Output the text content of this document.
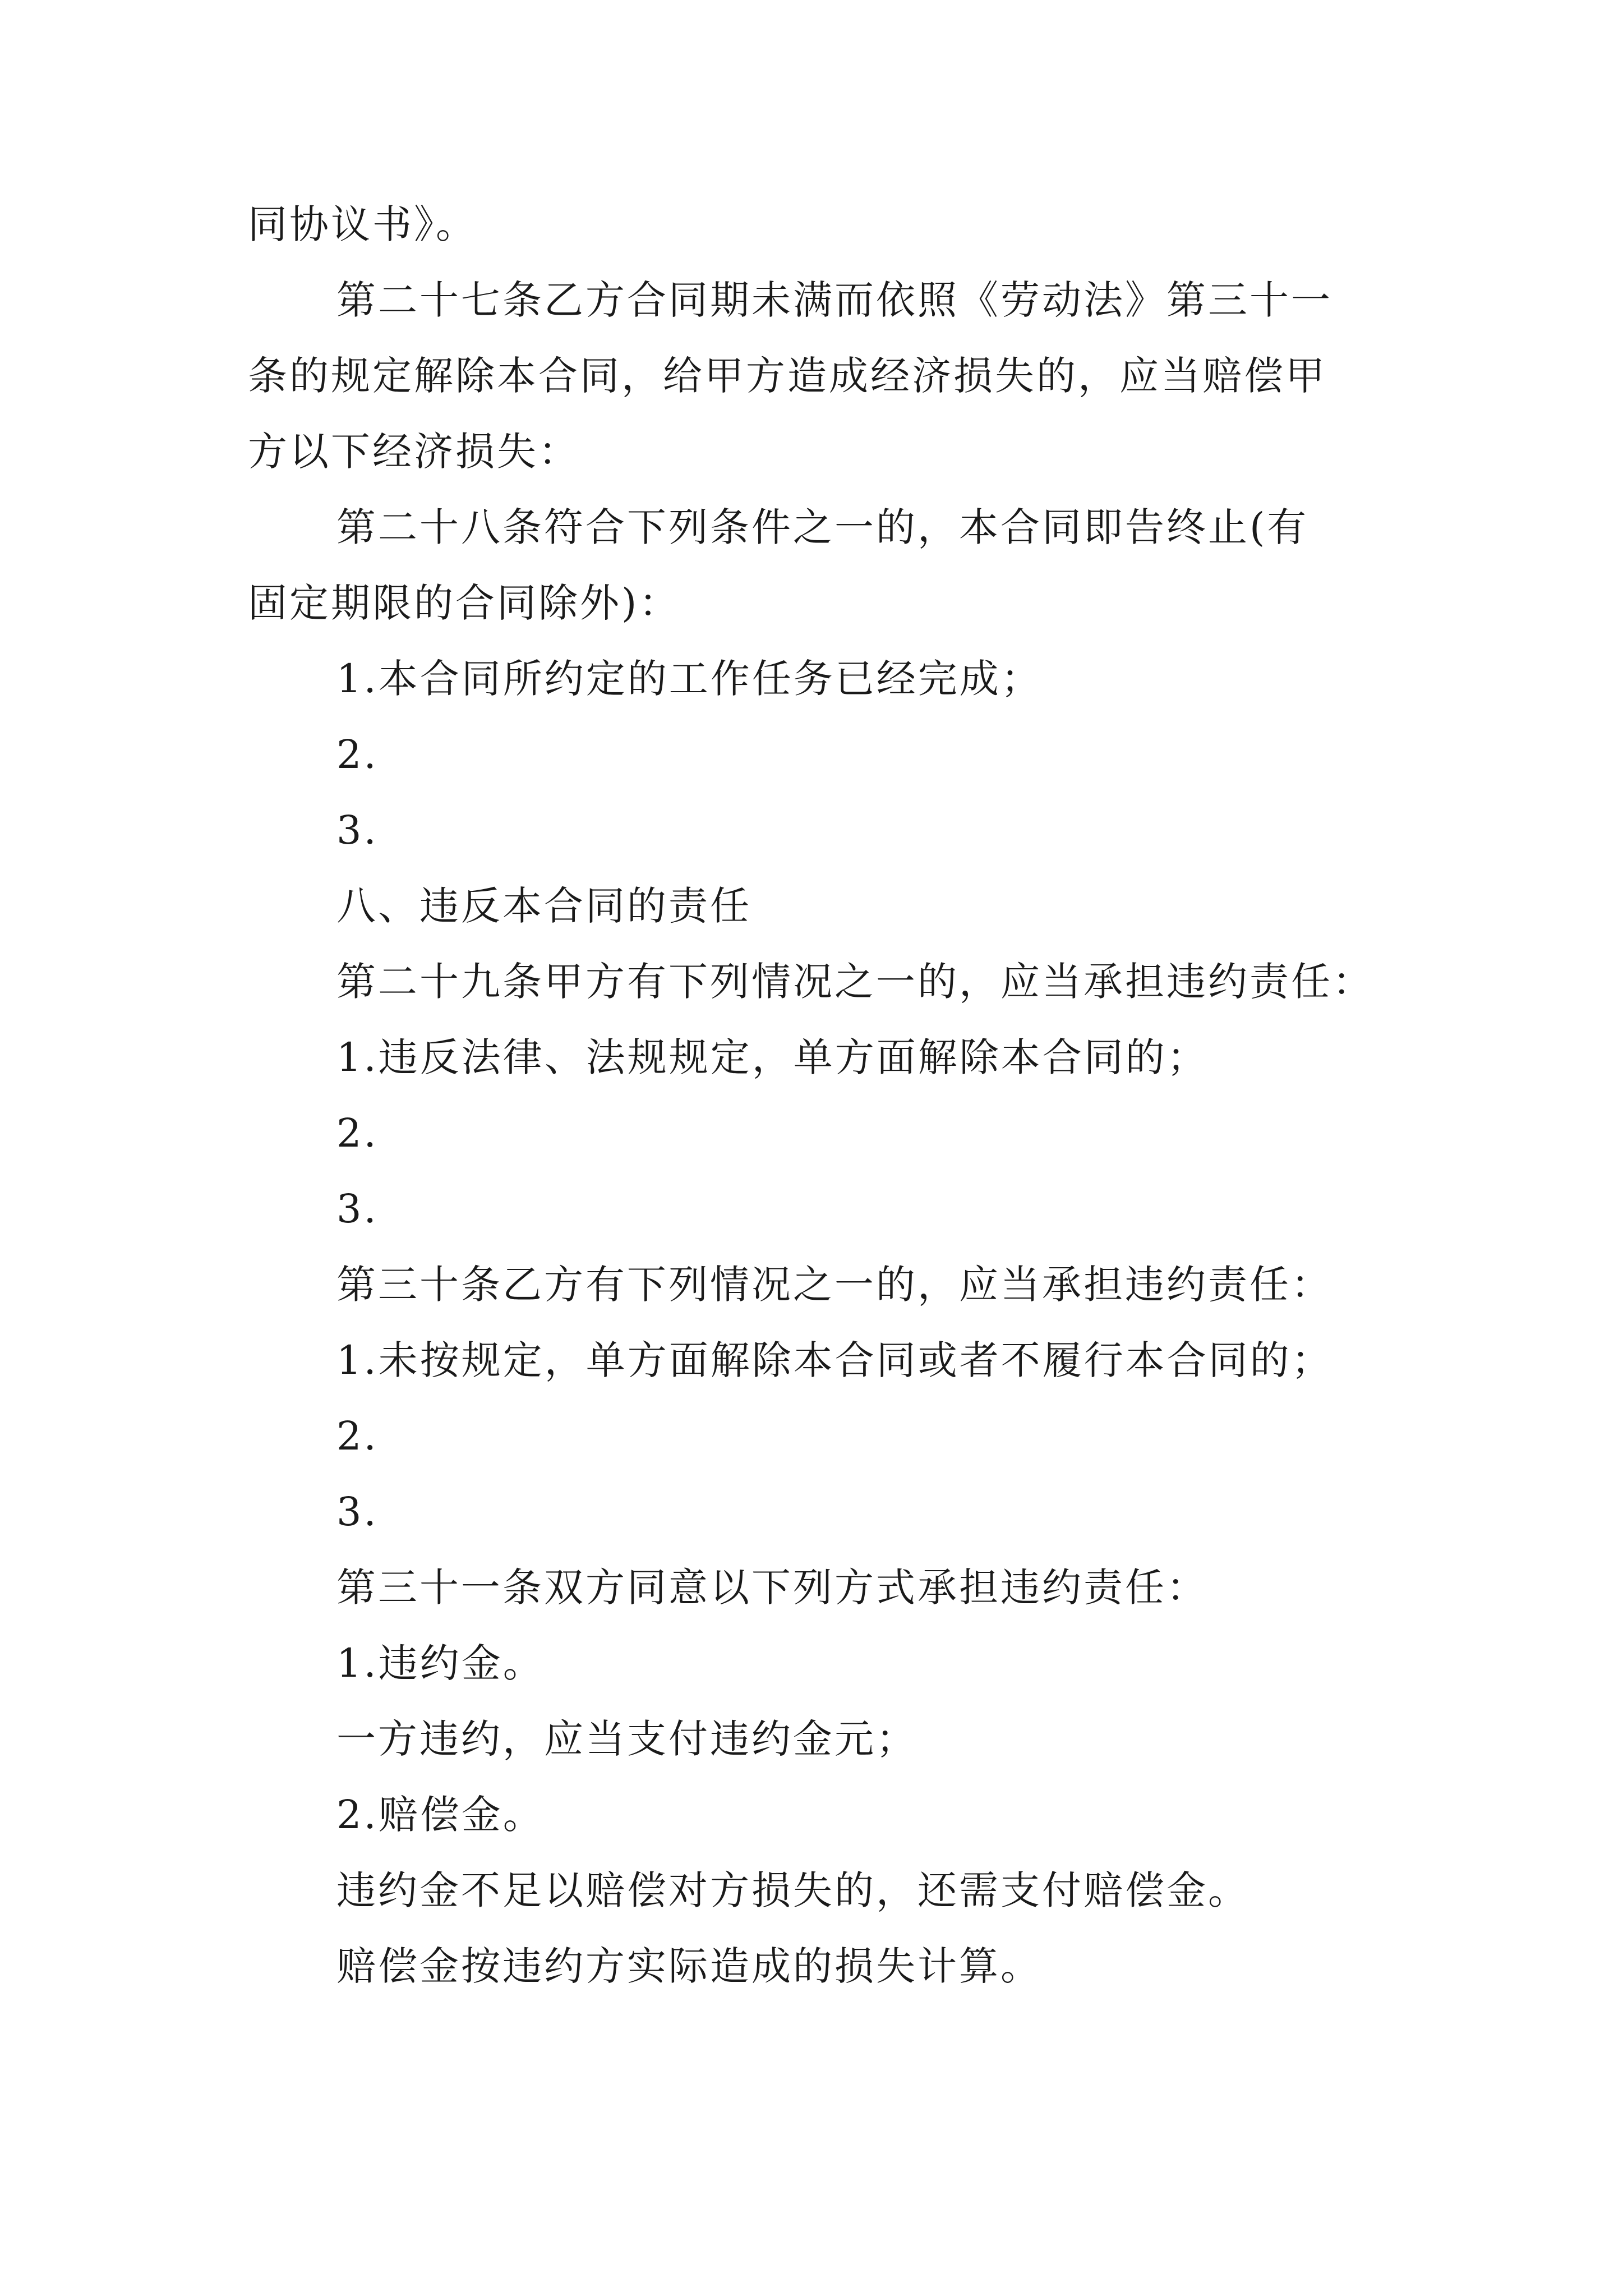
同协议书》。

第二十七条乙方合同期未满而依照《劳动法》第三十一

条的规定解除本合同，给甲方造成经济损失的，应当赔偿甲

方以下经济损失：

第二十八条符合下列条件之一的，本合同即告终止(有

固定期限的合同除外)：

1.本合同所约定的工作任务已经完成；

2.

3.

八、违反本合同的责任

第二十九条甲方有下列情况之一的，应当承担违约责任：

1.违反法律、法规规定，单方面解除本合同的；

2.

3.

第三十条乙方有下列情况之一的，应当承担违约责任：

1.未按规定，单方面解除本合同或者不履行本合同的；

2.

3.

第三十一条双方同意以下列方式承担违约责任：

1.违约金。

一方违约，应当支付违约金元；

2.赔偿金。

违约金不足以赔偿对方损失的，还需支付赔偿金。

赔偿金按违约方实际造成的损失计算。
